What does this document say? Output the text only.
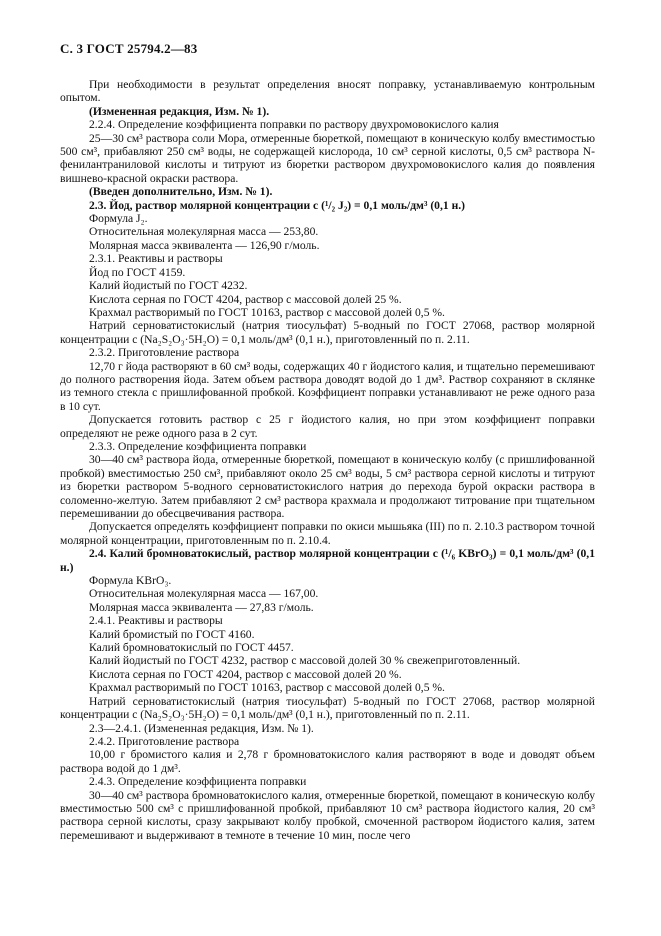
С. 3 ГОСТ 25794.2—83

При необходимости в результат определения вносят поправку, устанавливаемую контрольным опытом.

(Измененная редакция, Изм. № 1).

2.2.4. Определение коэффициента поправки по раствору двухромовокислого калия

25—30 см³ раствора соли Мора, отмеренные бюреткой, помещают в коническую колбу вместимостью 500 см³, прибавляют 250 см³ воды, не содержащей кислорода, 10 см³ серной кислоты, 0,5 см³ раствора N-фенилантраниловой кислоты и титруют из бюретки раствором двухромовокислого калия до появления вишнево-красной окраски раствора.

(Введен дополнительно, Изм. № 1).

2.3. Йод, раствор молярной концентрации c (¹/₂ J₂) = 0,1 моль/дм³ (0,1 н.)

Формула J₂.

Относительная молекулярная масса — 253,80.

Молярная масса эквивалента — 126,90 г/моль.

2.3.1. Реактивы и растворы

Йод по ГОСТ 4159.

Калий йодистый по ГОСТ 4232.

Кислота серная по ГОСТ 4204, раствор с массовой долей 25 %.

Крахмал растворимый по ГОСТ 10163, раствор с массовой долей 0,5 %.

Натрий серноватистокислый (натрия тиосульфат) 5-водный по ГОСТ 27068, раствор молярной концентрации c (Na₂S₂O₃·5H₂O) = 0,1 моль/дм³ (0,1 н.), приготовленный по п. 2.11.

2.3.2. Приготовление раствора

12,70 г йода растворяют в 60 см³ воды, содержащих 40 г йодистого калия, и тщательно перемешивают до полного растворения йода. Затем объем раствора доводят водой до 1 дм³. Раствор сохраняют в склянке из темного стекла с пришлифованной пробкой. Коэффициент поправки устанавливают не реже одного раза в 10 сут.

Допускается готовить раствор с 25 г йодистого калия, но при этом коэффициент поправки определяют не реже одного раза в 2 сут.

2.3.3. Определение коэффициента поправки

30—40 см³ раствора йода, отмеренные бюреткой, помещают в коническую колбу (с пришлифованной пробкой) вместимостью 250 см³, прибавляют около 25 см³ воды, 5 см³ раствора серной кислоты и титруют из бюретки раствором 5-водного серноватистокислого натрия до перехода бурой окраски раствора в соломенно-желтую. Затем прибавляют 2 см³ раствора крахмала и продолжают титрование при тщательном перемешивании до обесцвечивания раствора.

Допускается определять коэффициент поправки по окиси мышьяка (III) по п. 2.10.3 раствором точной молярной концентрации, приготовленным по п. 2.10.4.

2.4. Калий бромноватокислый, раствор молярной концентрации c (¹/₆ KBrO₃) = 0,1 моль/дм³ (0,1 н.)

Формула KBrO₃.

Относительная молекулярная масса — 167,00.

Молярная масса эквивалента — 27,83 г/моль.

2.4.1. Реактивы и растворы

Калий бромистый по ГОСТ 4160.

Калий бромноватокислый по ГОСТ 4457.

Калий йодистый по ГОСТ 4232, раствор с массовой долей 30 % свежеприготовленный.

Кислота серная по ГОСТ 4204, раствор с массовой долей 20 %.

Крахмал растворимый по ГОСТ 10163, раствор с массовой долей 0,5 %.

Натрий серноватистокислый (натрия тиосульфат) 5-водный по ГОСТ 27068, раствор молярной концентрации c (Na₂S₂O₃·5H₂O) = 0,1 моль/дм³ (0,1 н.), приготовленный по п. 2.11.

2.3—2.4.1. (Измененная редакция, Изм. № 1).

2.4.2. Приготовление раствора

10,00 г бромистого калия и 2,78 г бромноватокислого калия растворяют в воде и доводят объем раствора водой до 1 дм³.

2.4.3. Определение коэффициента поправки

30—40 см³ раствора бромноватокислого калия, отмеренные бюреткой, помещают в коническую колбу вместимостью 500 см³ с пришлифованной пробкой, прибавляют 10 см³ раствора йодистого калия, 20 см³ раствора серной кислоты, сразу закрывают колбу пробкой, смоченной раствором йодистого калия, затем перемешивают и выдерживают в темноте в течение 10 мин, после чего
